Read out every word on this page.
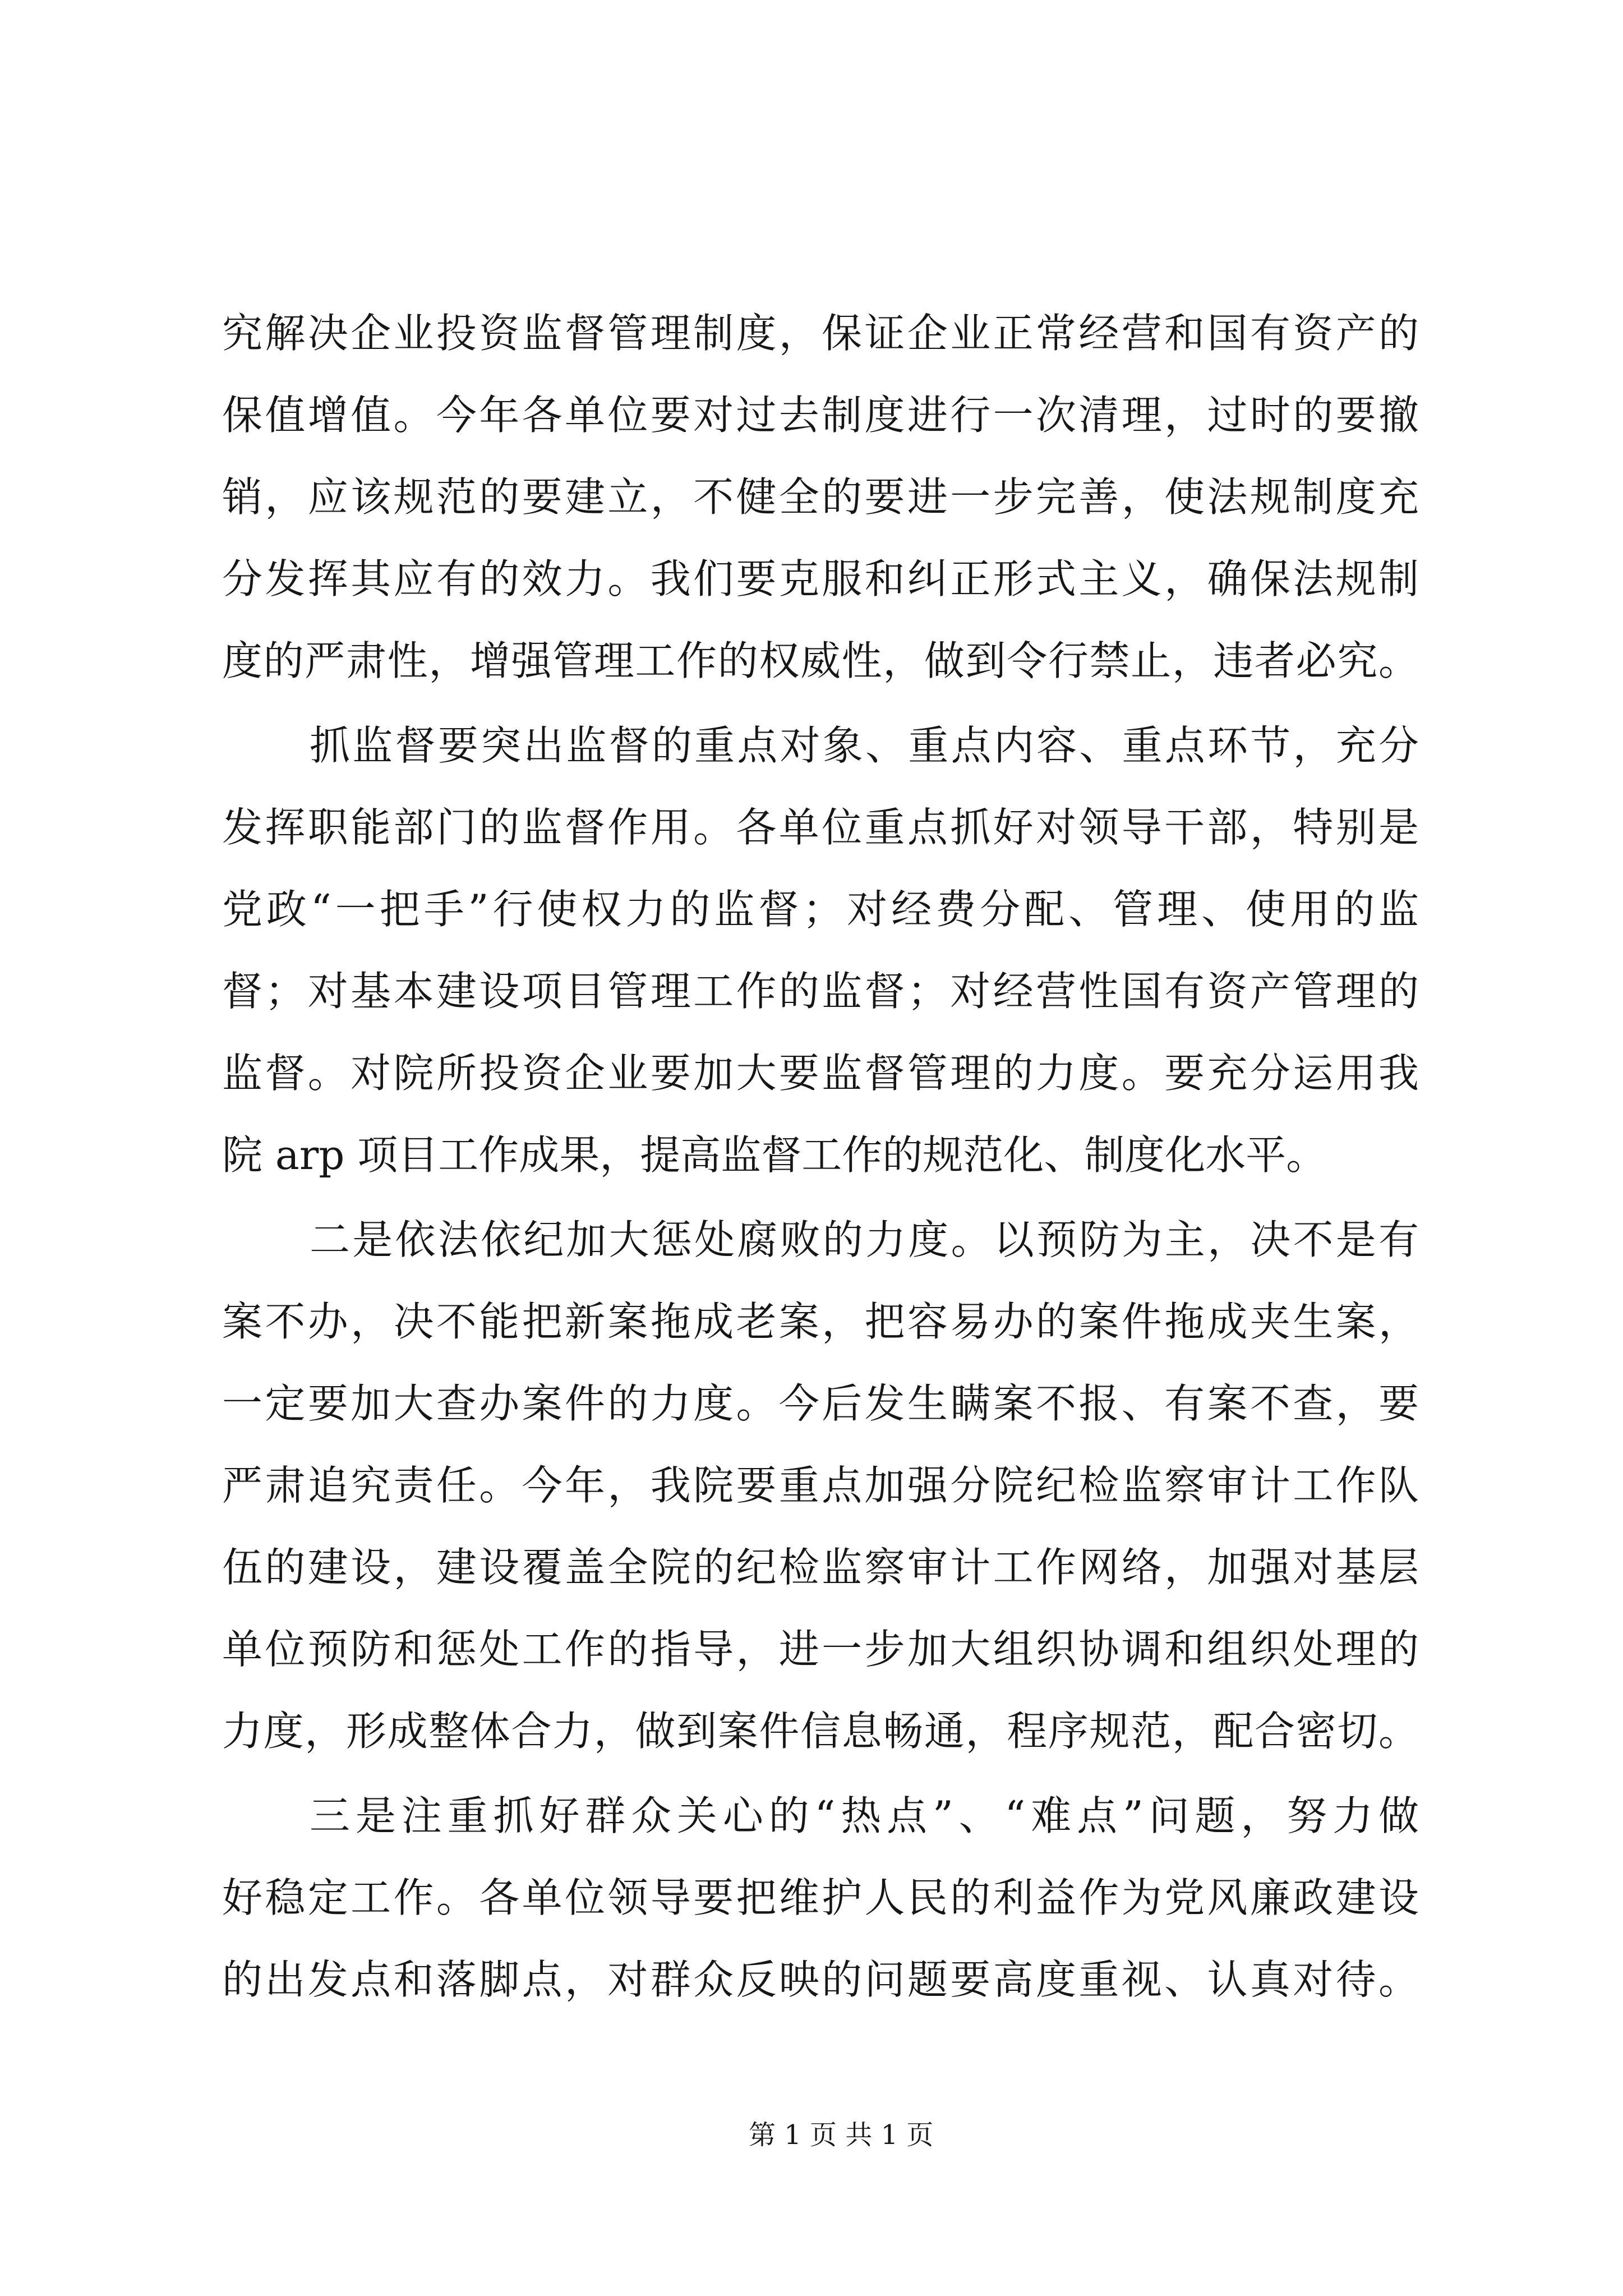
究解决企业投资监督管理制度，保证企业正常经营和国有资产的
保值增值。今年各单位要对过去制度进行一次清理，过时的要撤
销，应该规范的要建立，不健全的要进一步完善，使法规制度充
分发挥其应有的效力。我们要克服和纠正形式主义，确保法规制
度的严肃性，增强管理工作的权威性，做到令行禁止，违者必究。
抓监督要突出监督的重点对象、重点内容、重点环节，充分
发挥职能部门的监督作用。各单位重点抓好对领导干部，特别是
党政“一把手”行使权力的监督；对经费分配、管理、使用的监
督；对基本建设项目管理工作的监督；对经营性国有资产管理的
监督。对院所投资企业要加大要监督管理的力度。要充分运用我
院 arp 项目工作成果，提高监督工作的规范化、制度化水平。
二是依法依纪加大惩处腐败的力度。以预防为主，决不是有
案不办，决不能把新案拖成老案，把容易办的案件拖成夹生案，
一定要加大查办案件的力度。今后发生瞒案不报、有案不查，要
严肃追究责任。今年，我院要重点加强分院纪检监察审计工作队
伍的建设，建设覆盖全院的纪检监察审计工作网络，加强对基层
单位预防和惩处工作的指导，进一步加大组织协调和组织处理的
力度，形成整体合力，做到案件信息畅通，程序规范，配合密切。
三是注重抓好群众关心的“热点”、“难点”问题，努力做
好稳定工作。各单位领导要把维护人民的利益作为党风廉政建设
的出发点和落脚点，对群众反映的问题要高度重视、认真对待。
第 1 页 共 1 页
